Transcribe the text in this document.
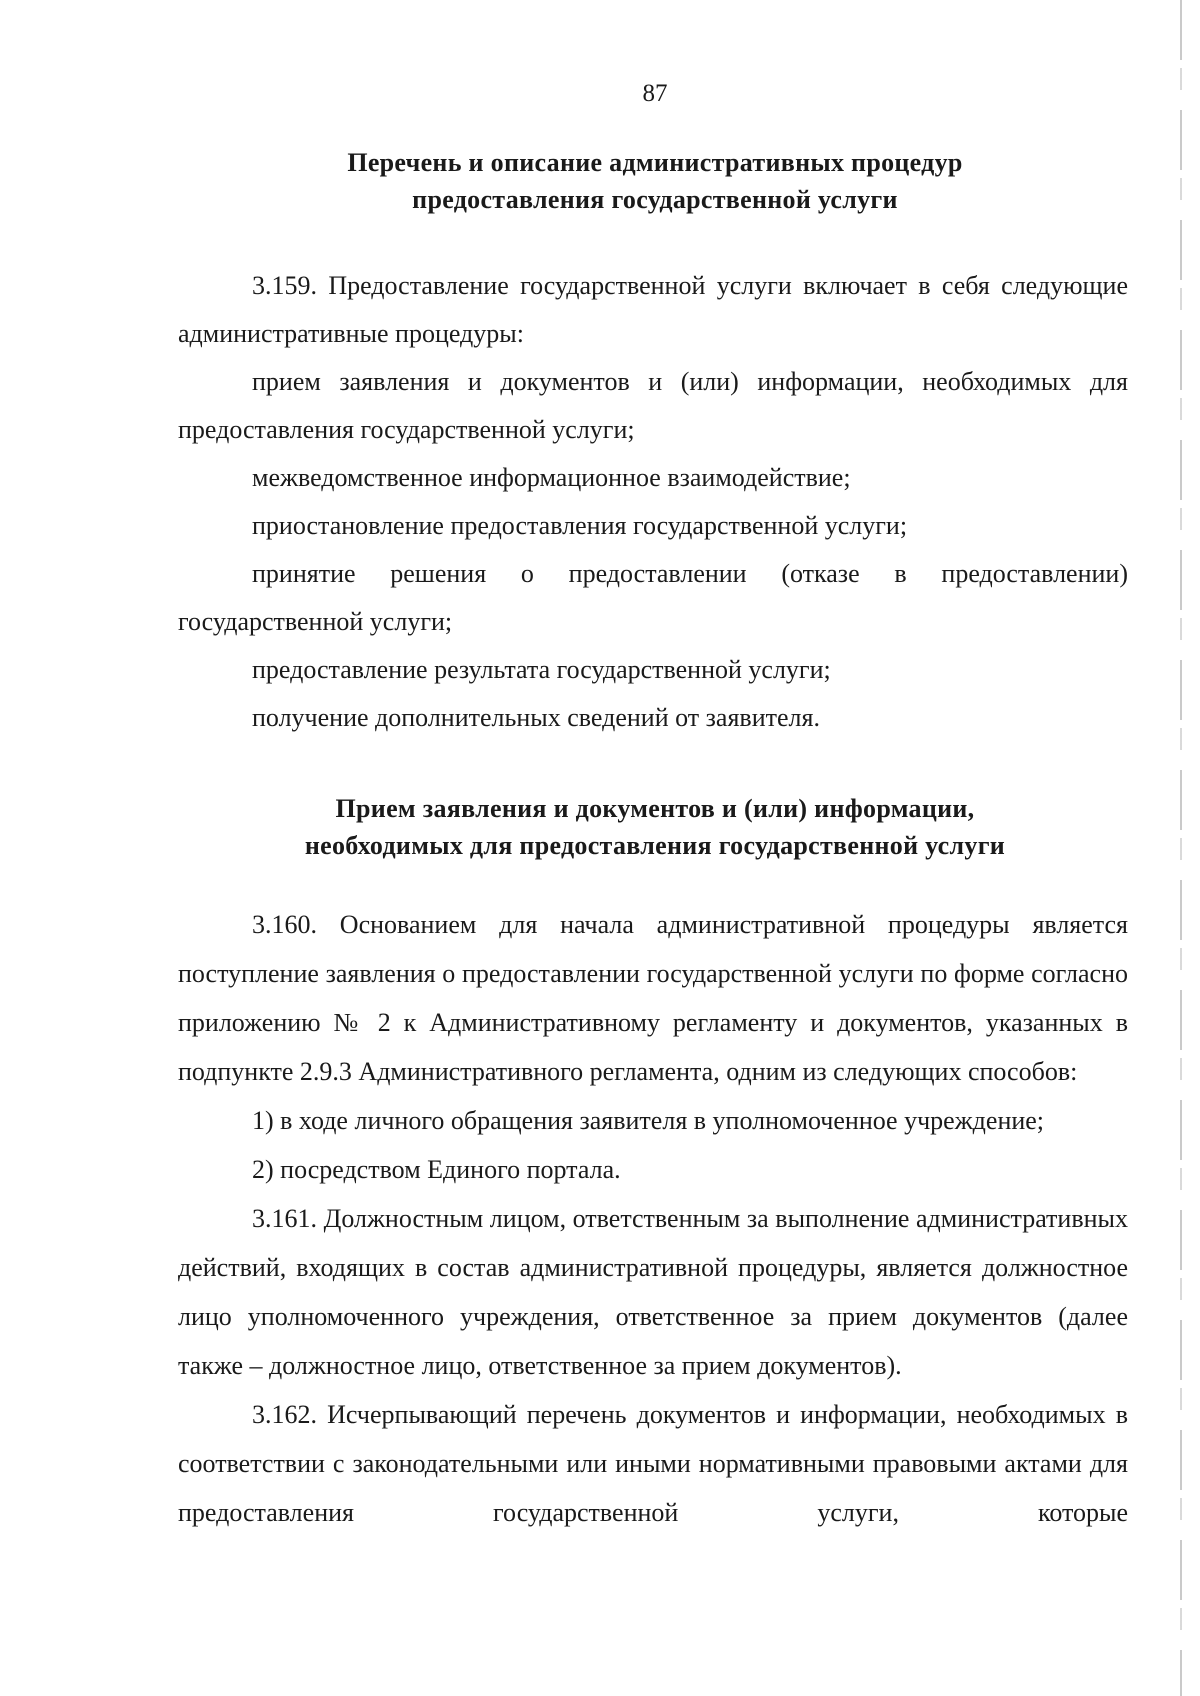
87
Перечень и описание административных процедур
предоставления государственной услуги

3.159. Предоставление государственной услуги включает в себя следующие административные процедуры:

прием заявления и документов и (или) информации, необходимых для предоставления государственной услуги;

межведомственное информационное взаимодействие;

приостановление предоставления государственной услуги;

принятие решения о предоставлении (отказе в предоставлении) государственной услуги;

предоставление результата государственной услуги;

получение дополнительных сведений от заявителя.

Прием заявления и документов и (или) информации,
необходимых для предоставления государственной услуги

3.160. Основанием для начала административной процедуры является поступление заявления о предоставлении государственной услуги по форме согласно приложению № 2 к Административному регламенту и документов, указанных в подпункте 2.9.3 Административного регламента, одним из следующих способов:

1) в ходе личного обращения заявителя в уполномоченное учреждение;

2) посредством Единого портала.

3.161. Должностным лицом, ответственным за выполнение административных действий, входящих в состав административной процедуры, является должностное лицо уполномоченного учреждения, ответственное за прием документов (далее также – должностное лицо, ответственное за прием документов).

3.162. Исчерпывающий перечень документов и информации, необходимых в соответствии с законодательными или иными нормативными правовыми актами для предоставления государственной услуги, которые
